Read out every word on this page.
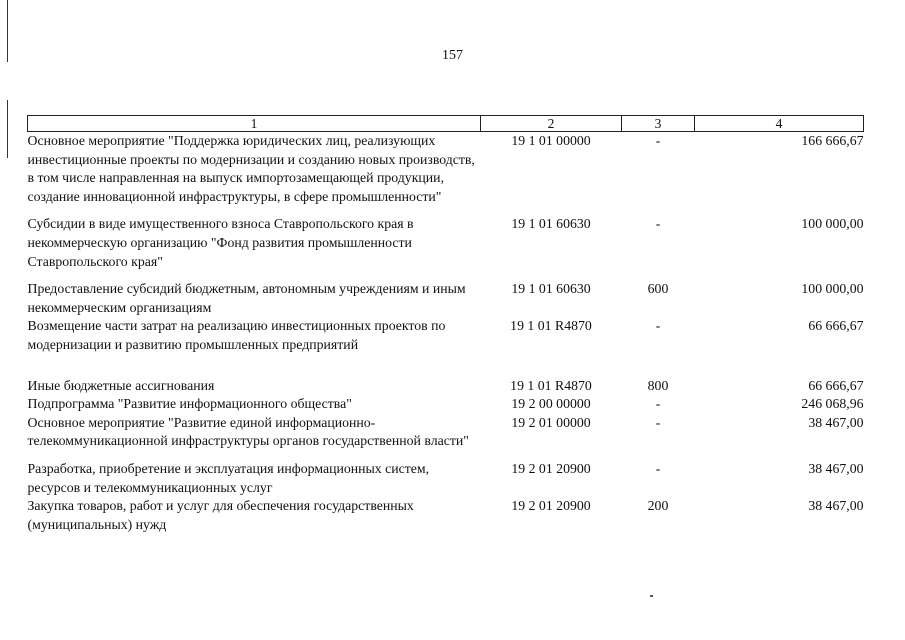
157
1	2	3	4
Основное мероприятие "Поддержка юридических лиц, реализующих инвестиционные проекты по модернизации и созданию новых производств, в том числе направленная на выпуск импортозамещающей продукции, создание инновационной инфраструктуры, в сфере промышленности"	19 1 01 00000	-	166 666,67
Субсидии в виде имущественного взноса Ставропольского края в некоммерческую организацию "Фонд развития промышленности Ставропольского края"	19 1 01 60630	-	100 000,00
Предоставление субсидий бюджетным, автономным учреждениям и иным некоммерческим организациям	19 1 01 60630	600	100 000,00
Возмещение части затрат на реализацию инвестиционных проектов по модернизации и развитию промышленных предприятий	19 1 01 R4870	-	66 666,67
Иные бюджетные ассигнования	19 1 01 R4870	800	66 666,67
Подпрограмма "Развитие информационного общества"	19 2 00 00000	-	246 068,96
Основное мероприятие "Развитие единой информационно-телекоммуникационной инфраструктуры органов государственной власти"	19 2 01 00000	-	38 467,00
Разработка, приобретение и эксплуатация информационных систем, ресурсов и телекоммуникационных услуг	19 2 01 20900	-	38 467,00
Закупка товаров, работ и услуг для обеспечения государственных (муниципальных) нужд	19 2 01 20900	200	38 467,00
